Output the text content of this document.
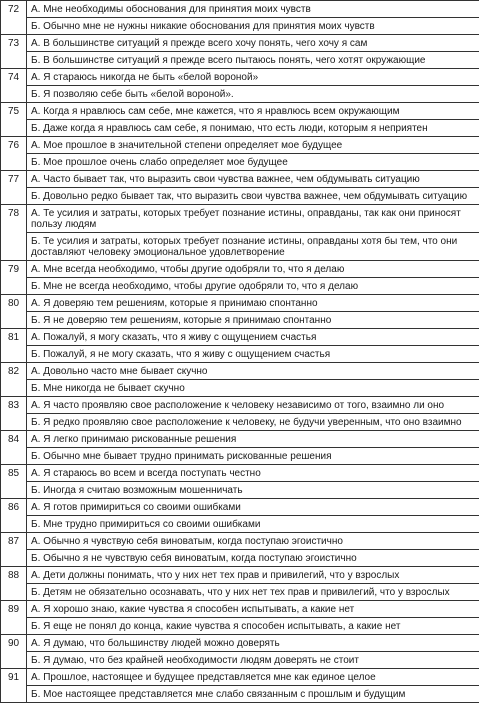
72	А. Мне необходимы обоснования для принятия моих чувств
	Б. Обычно мне не нужны никакие обоснования для принятия моих чувств
73	А. В большинстве ситуаций я прежде всего хочу понять, чего хочу я сам
	Б. В большинстве ситуаций я прежде всего пытаюсь понять, чего хотят окружающие
74	А. Я стараюсь никогда не быть «белой вороной»
	Б. Я позволяю себе быть «белой вороной».
75	А. Когда я нравлюсь сам себе, мне кажется, что я нравлюсь всем окружающим
	Б. Даже когда я нравлюсь сам себе, я понимаю, что есть люди, которым я неприятен
76	А. Мое прошлое в значительной степени определяет мое будущее
	Б. Мое прошлое очень слабо определяет мое будущее
77	А. Часто бывает так, что выразить свои чувства важнее, чем обдумывать ситуацию
	Б. Довольно редко бывает так, что выразить свои чувства важнее, чем обдумывать ситуацию
78	А. Те усилия и затраты, которых требует познание истины, оправданы, так как они приносят пользу людям
	Б. Те усилия и затраты, которых требует познание истины, оправданы хотя бы тем, что они доставляют человеку эмоциональное удовлетворение
79	А. Мне всегда необходимо, чтобы другие одобряли то, что я делаю
	Б. Мне не всегда необходимо, чтобы другие одобряли то, что я делаю
80	А. Я доверяю тем решениям, которые я принимаю спонтанно
	Б. Я не доверяю тем решениям, которые я принимаю спонтанно
81	А. Пожалуй, я могу сказать, что я живу с ощущением счастья
	Б. Пожалуй, я не могу сказать, что я живу с ощущением счастья
82	А. Довольно часто мне бывает скучно
	Б. Мне никогда не бывает скучно
83	А. Я часто проявляю свое расположение к человеку независимо от того, взаимно ли оно
	Б. Я редко проявляю свое расположение к человеку, не будучи уверенным, что оно взаимно
84	А. Я легко принимаю рискованные решения
	Б. Обычно мне бывает трудно принимать рискованные решения
85	А. Я стараюсь во всем и всегда поступать честно
	Б. Иногда я считаю возможным мошенничать
86	А. Я готов примириться со своими ошибками
	Б. Мне трудно примириться со своими ошибками
87	А. Обычно я чувствую себя виноватым, когда поступаю эгоистично
	Б. Обычно я не чувствую себя виноватым, когда поступаю эгоистично
88	А. Дети должны понимать, что у них нет тех прав и привилегий, что у взрослых
	Б. Детям не обязательно осознавать, что у них нет тех прав и привилегий, что у взрослых
89	А. Я хорошо знаю, какие чувства я способен испытывать, а какие нет
	Б. Я еще не понял до конца, какие чувства я способен испытывать, а какие нет
90	А. Я думаю, что большинству людей можно доверять
	Б. Я думаю, что без крайней необходимости людям доверять не стоит
91	А. Прошлое, настоящее и будущее представляется мне как единое целое
	Б. Мое настоящее представляется мне слабо связанным с прошлым и будущим
